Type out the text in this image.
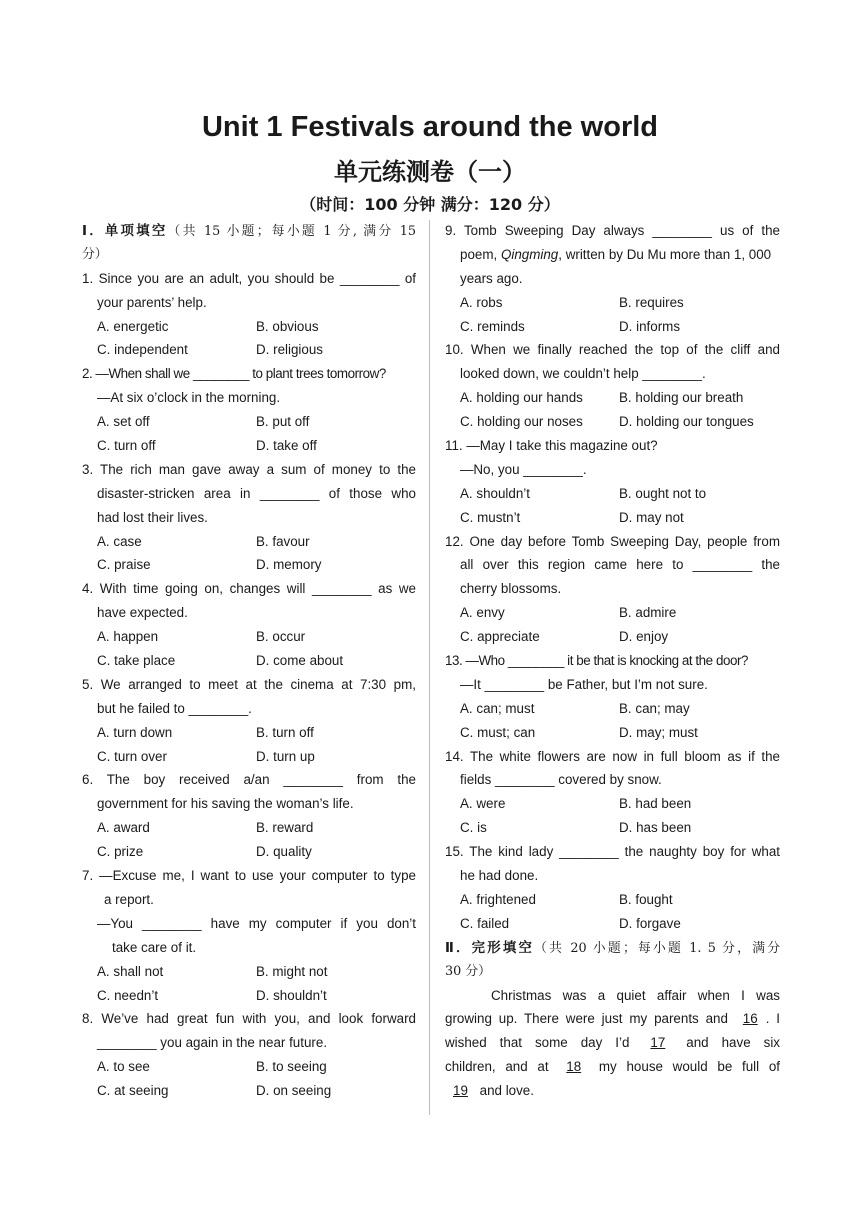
Unit 1 Festivals around the world
单元练测卷（一）
（时间：100 分钟 满分：120 分）
Ⅰ．单项填空（共 15 小题；每小题 1 分, 满分 15
分）
1. Since you are an adult, you should be ________ of
your parents’ help.
A. energetic	B. obvious
C. independent	D. religious
2. —When shall we ________ to plant trees tomorrow?
—At six o’clock in the morning.
A. set off	B. put off
C. turn off	D. take off
3. The rich man gave away a sum of money to the
disaster-stricken area in ________ of those who
had lost their lives.
A. case	B. favour
C. praise	D. memory
4. With time going on, changes will ________ as we
have expected.
A. happen	B. occur
C. take place	D. come about
5. We arranged to meet at the cinema at 7:30 pm,
but he failed to ________.
A. turn down	B. turn off
C. turn over	D. turn up
6. The boy received a/an ________ from the
government for his saving the woman’s life.
A. award	B. reward
C. prize	D. quality
7. —Excuse me, I want to use your computer to type
a report.
—You ________ have my computer if you don’t
take care of it.
A. shall not	B. might not
C. needn’t	D. shouldn’t
8. We’ve had great fun with you, and look forward
________ you again in the near future.
A. to see	B. to seeing
C. at seeing	D. on seeing
9. Tomb Sweeping Day always ________ us of the
poem, Qingming, written by Du Mu more than 1, 000
years ago.
A. robs	B. requires
C. reminds	D. informs
10. When we finally reached the top of the cliff and
looked down, we couldn’t help ________.
A. holding our hands	B. holding our breath
C. holding our noses	D. holding our tongues
11. —May I take this magazine out?
—No, you ________.
A. shouldn’t	B. ought not to
C. mustn’t	D. may not
12. One day before Tomb Sweeping Day, people from
all over this region came here to ________ the
cherry blossoms.
A. envy	B. admire
C. appreciate	D. enjoy
13. —Who ________ it be that is knocking at the door?
—It ________ be Father, but I’m not sure.
A. can; must	B. can; may
C. must; can	D. may; must
14. The white flowers are now in full bloom as if the
fields ________ covered by snow.
A. were	B. had been
C. is	D. has been
15. The kind lady ________ the naughty boy for what
he had done.
A. frightened	B. fought
C. failed	D. forgave
Ⅱ．完形填空（共 20 小题；每小题 1. 5 分，满分
30 分）
Christmas was a quiet affair when I was
growing up. There were just my parents and 16 . I
wished that some day I’d 17 and have six
children, and at 18 my house would be full of
19 and love.
